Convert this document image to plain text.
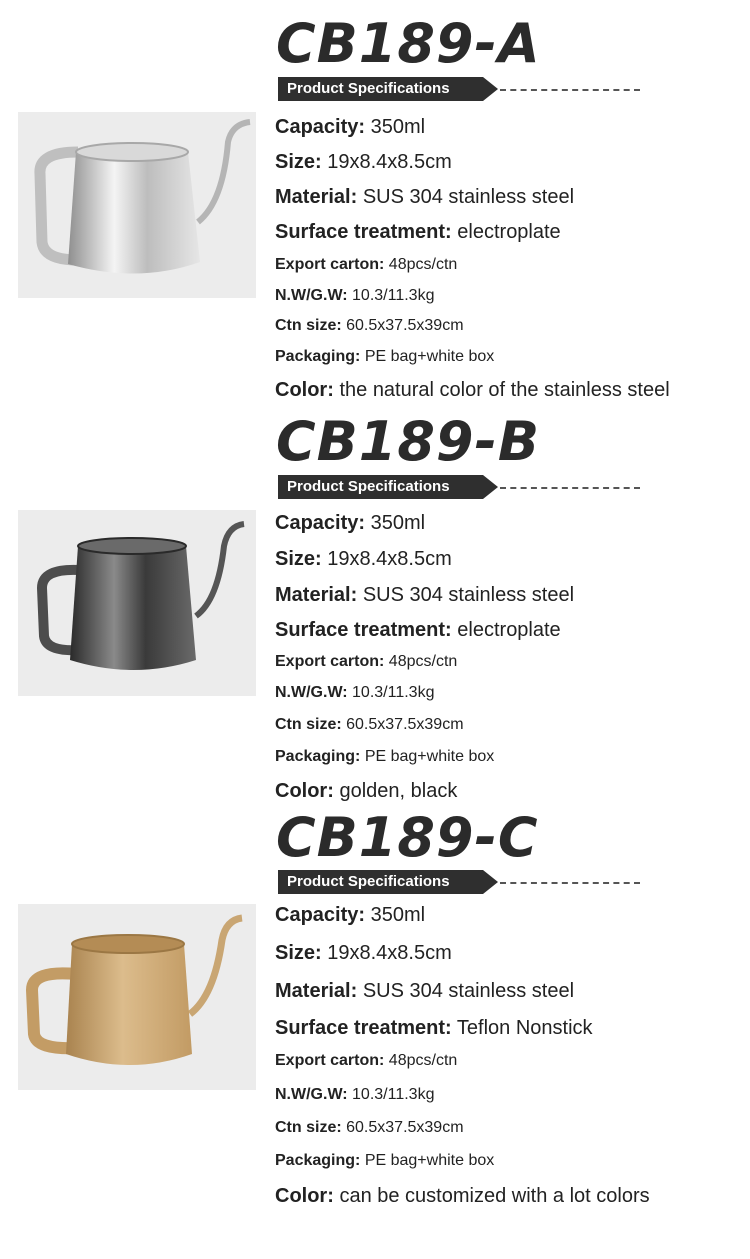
CB189-A
Product Specifications
Capacity: 350ml
Size: 19x8.4x8.5cm
Material: SUS 304 stainless steel
Surface treatment: electroplate
Export carton: 48pcs/ctn
N.W/G.W: 10.3/11.3kg
Ctn size: 60.5x37.5x39cm
Packaging: PE bag+white box
Color: the natural color of the stainless steel
CB189-B
Product Specifications
Capacity: 350ml
Size: 19x8.4x8.5cm
Material: SUS 304 stainless steel
Surface treatment: electroplate
Export carton: 48pcs/ctn
N.W/G.W: 10.3/11.3kg
Ctn size: 60.5x37.5x39cm
Packaging: PE bag+white box
Color: golden, black
CB189-C
Product Specifications
Capacity: 350ml
Size: 19x8.4x8.5cm
Material: SUS 304 stainless steel
Surface treatment: Teflon Nonstick
Export carton: 48pcs/ctn
N.W/G.W: 10.3/11.3kg
Ctn size: 60.5x37.5x39cm
Packaging: PE bag+white box
Color: can be customized with a lot colors
